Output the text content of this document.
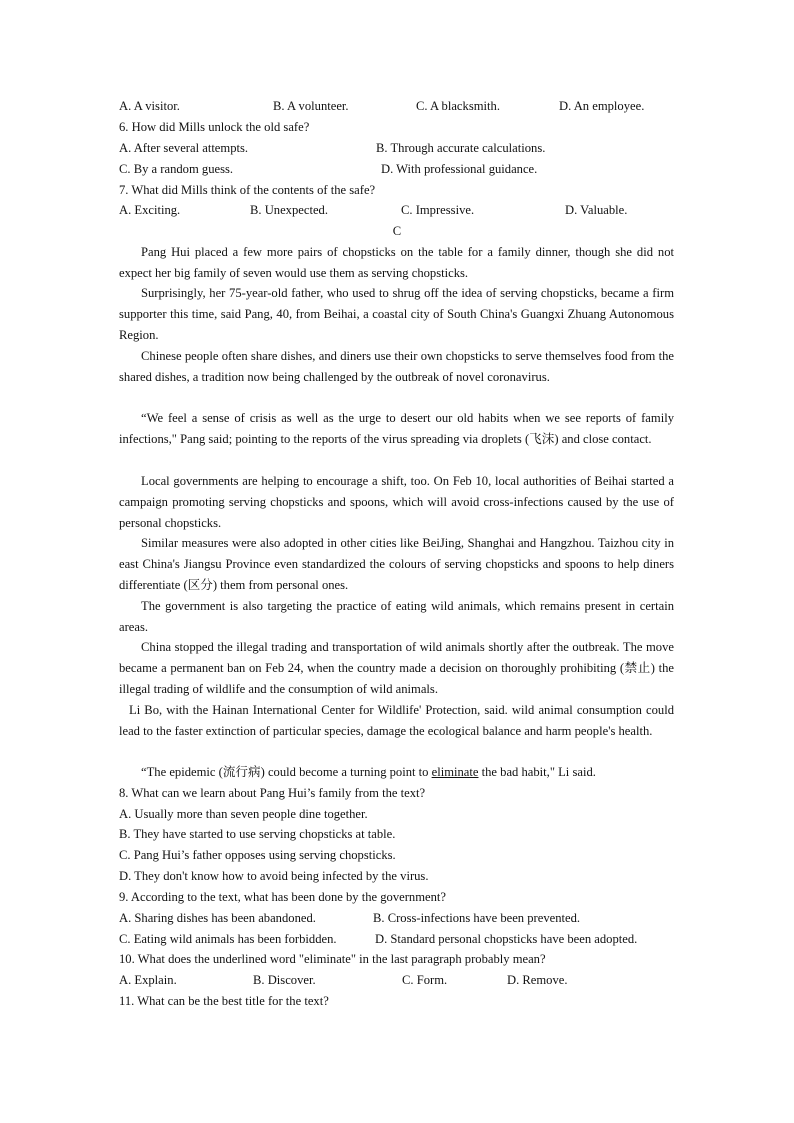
A. A visitor.	B. A volunteer.	C. A blacksmith.	D. An employee.
6. How did Mills unlock the old safe?
A. After several attempts.	B. Through accurate calculations.
C. By a random guess.	D. With professional guidance.
7. What did Mills think of the contents of the safe?
A. Exciting.	B. Unexpected.	C. Impressive.	D. Valuable.
C

Pang Hui placed a few more pairs of chopsticks on the table for a family dinner, though she did not expect her big family of seven would use them as serving chopsticks.

Surprisingly, her 75-year-old father, who used to shrug off the idea of serving chopsticks, became a firm supporter this time, said Pang, 40, from Beihai, a coastal city of South China's Guangxi Zhuang Autonomous Region.

Chinese people often share dishes, and diners use their own chopsticks to serve themselves food from the shared dishes, a tradition now being challenged by the outbreak of novel coronavirus.

“We feel a sense of crisis as well as the urge to desert our old habits when we see reports of family infections," Pang said; pointing to the reports of the virus spreading via droplets (飞沫) and close contact.

Local governments are helping to encourage a shift, too. On Feb 10, local authorities of Beihai started a campaign promoting serving chopsticks and spoons, which will avoid cross-infections caused by the use of personal chopsticks.

Similar measures were also adopted in other cities like BeiJing, Shanghai and Hangzhou. Taizhou city in east China's Jiangsu Province even standardized the colours of serving chopsticks and spoons to help diners differentiate (区分) them from personal ones.

The government is also targeting the practice of eating wild animals, which remains present in certain areas.

China stopped the illegal trading and transportation of wild animals shortly after the outbreak. The move became a permanent ban on Feb 24, when the country made a decision on thoroughly prohibiting (禁止) the illegal trading of wildlife and the consumption of wild animals.

Li Bo, with the Hainan International Center for Wildlife' Protection, said. wild animal consumption could lead to the faster extinction of particular species, damage the ecological balance and harm people's health.

“The epidemic (流行病) could become a turning point to eliminate the bad habit," Li said.

8. What can we learn about Pang Hui’s family from the text?
A. Usually more than seven people dine together.
B. They have started to use serving chopsticks at table.
C. Pang Hui’s father opposes using serving chopsticks.
D. They don't know how to avoid being infected by the virus.
9. According to the text, what has been done by the government?
A. Sharing dishes has been abandoned.	B. Cross-infections have been prevented.
C. Eating wild animals has been forbidden.	D. Standard personal chopsticks have been adopted.
10. What does the underlined word "eliminate" in the last paragraph probably mean?
A. Explain.	B. Discover.	C. Form.	D. Remove.
11. What can be the best title for the text?
